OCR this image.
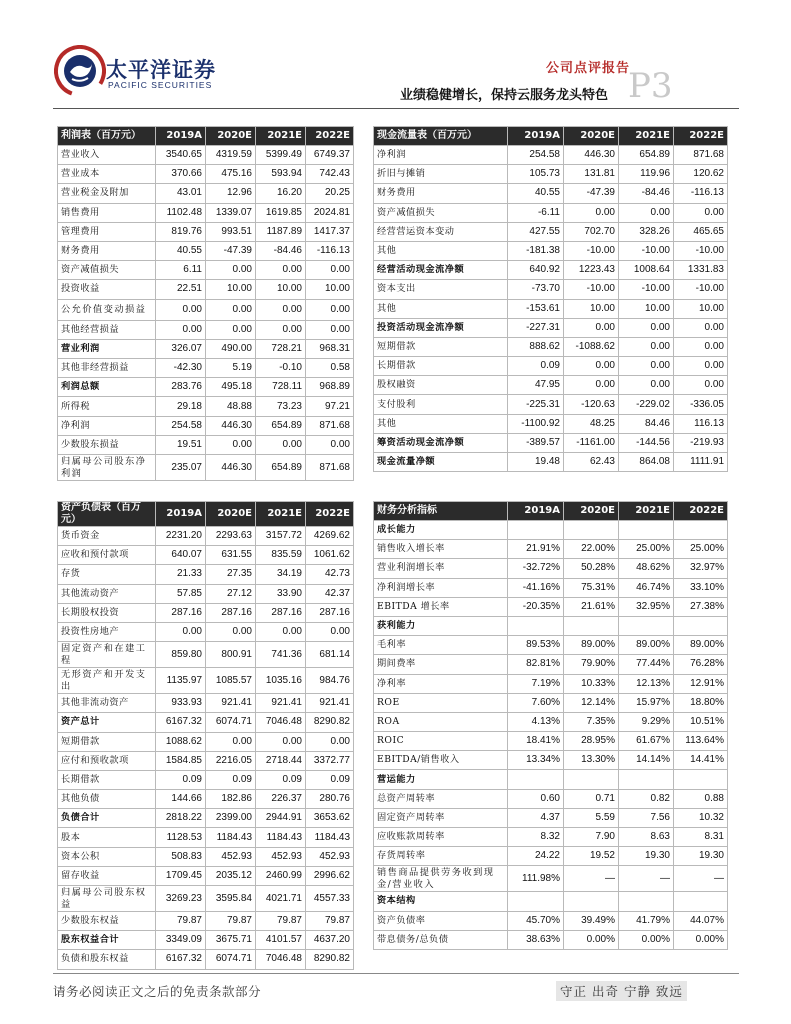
太平洋证券
PACIFIC SECURITIES
公司点评报告
业绩稳健增长，保持云服务龙头特色 P3
利润表（百万元）	2019A	2020E	2021E	2022E
营业收入	3540.65	4319.59	5399.49	6749.37
营业成本	370.66	475.16	593.94	742.43
营业税金及附加	43.01	12.96	16.20	20.25
销售费用	1102.48	1339.07	1619.85	2024.81
管理费用	819.76	993.51	1187.89	1417.37
财务费用	40.55	-47.39	-84.46	-116.13
资产减值损失	6.11	0.00	0.00	0.00
投资收益	22.51	10.00	10.00	10.00
公允价值变动损益	0.00	0.00	0.00	0.00
其他经营损益	0.00	0.00	0.00	0.00
营业利润	326.07	490.00	728.21	968.31
其他非经营损益	-42.30	5.19	-0.10	0.58
利润总额	283.76	495.18	728.11	968.89
所得税	29.18	48.88	73.23	97.21
净利润	254.58	446.30	654.89	871.68
少数股东损益	19.51	0.00	0.00	0.00
归属母公司股东净利润	235.07	446.30	654.89	871.68
现金流量表（百万元）	2019A	2020E	2021E	2022E
净利润	254.58	446.30	654.89	871.68
折旧与摊销	105.73	131.81	119.96	120.62
财务费用	40.55	-47.39	-84.46	-116.13
资产减值损失	-6.11	0.00	0.00	0.00
经营营运资本变动	427.55	702.70	328.26	465.65
其他	-181.38	-10.00	-10.00	-10.00
经营活动现金流净额	640.92	1223.43	1008.64	1331.83
资本支出	-73.70	-10.00	-10.00	-10.00
其他	-153.61	10.00	10.00	10.00
投资活动现金流净额	-227.31	0.00	0.00	0.00
短期借款	888.62	-1088.62	0.00	0.00
长期借款	0.09	0.00	0.00	0.00
股权融资	47.95	0.00	0.00	0.00
支付股利	-225.31	-120.63	-229.02	-336.05
其他	-1100.92	48.25	84.46	116.13
筹资活动现金流净额	-389.57	-1161.00	-144.56	-219.93
现金流量净额	19.48	62.43	864.08	1111.91
资产负债表（百万元）	2019A	2020E	2021E	2022E
货币资金	2231.20	2293.63	3157.72	4269.62
应收和预付款项	640.07	631.55	835.59	1061.62
存货	21.33	27.35	34.19	42.73
其他流动资产	57.85	27.12	33.90	42.37
长期股权投资	287.16	287.16	287.16	287.16
投资性房地产	0.00	0.00	0.00	0.00
固定资产和在建工程	859.80	800.91	741.36	681.14
无形资产和开发支出	1135.97	1085.57	1035.16	984.76
其他非流动资产	933.93	921.41	921.41	921.41
资产总计	6167.32	6074.71	7046.48	8290.82
短期借款	1088.62	0.00	0.00	0.00
应付和预收款项	1584.85	2216.05	2718.44	3372.77
长期借款	0.09	0.09	0.09	0.09
其他负债	144.66	182.86	226.37	280.76
负债合计	2818.22	2399.00	2944.91	3653.62
股本	1128.53	1184.43	1184.43	1184.43
资本公积	508.83	452.93	452.93	452.93
留存收益	1709.45	2035.12	2460.99	2996.62
归属母公司股东权益	3269.23	3595.84	4021.71	4557.33
少数股东权益	79.87	79.87	79.87	79.87
股东权益合计	3349.09	3675.71	4101.57	4637.20
负债和股东权益	6167.32	6074.71	7046.48	8290.82
财务分析指标	2019A	2020E	2021E	2022E
成长能力				
销售收入增长率	21.91%	22.00%	25.00%	25.00%
营业利润增长率	-32.72%	50.28%	48.62%	32.97%
净利润增长率	-41.16%	75.31%	46.74%	33.10%
EBITDA 增长率	-20.35%	21.61%	32.95%	27.38%
获利能力				
毛利率	89.53%	89.00%	89.00%	89.00%
期间费率	82.81%	79.90%	77.44%	76.28%
净利率	7.19%	10.33%	12.13%	12.91%
ROE	7.60%	12.14%	15.97%	18.80%
ROA	4.13%	7.35%	9.29%	10.51%
ROIC	18.41%	28.95%	61.67%	113.64%
EBITDA/销售收入	13.34%	13.30%	14.14%	14.41%
营运能力				
总资产周转率	0.60	0.71	0.82	0.88
固定资产周转率	4.37	5.59	7.56	10.32
应收账款周转率	8.32	7.90	8.63	8.31
存货周转率	24.22	19.52	19.30	19.30
销售商品提供劳务收到现金/营业收入	111.98%	—	—	—
资本结构				
资产负债率	45.70%	39.49%	41.79%	44.07%
带息债务/总负债	38.63%	0.00%	0.00%	0.00%
请务必阅读正文之后的免责条款部分	守正 出奇 宁静 致远
